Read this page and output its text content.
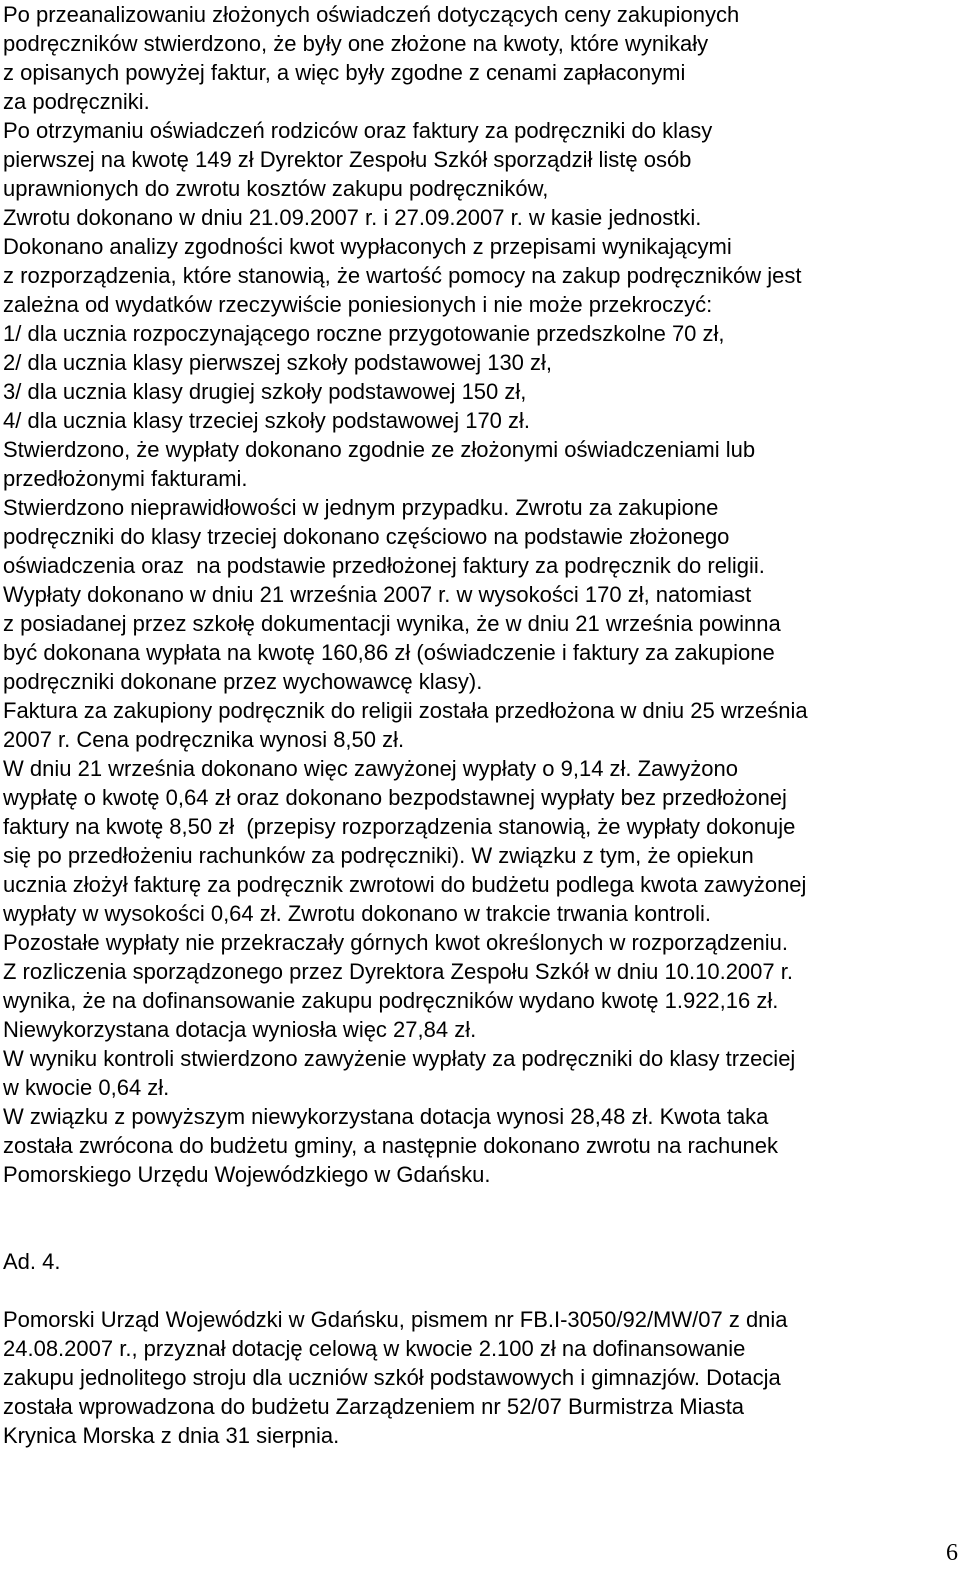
Po przeanalizowaniu złożonych oświadczeń dotyczących ceny zakupionych
podręczników stwierdzono, że były one złożone na kwoty, które wynikały
z opisanych powyżej faktur, a więc były zgodne z cenami zapłaconymi
za podręczniki.
Po otrzymaniu oświadczeń rodziców oraz faktury za podręczniki do klasy
pierwszej na kwotę 149 zł Dyrektor Zespołu Szkół sporządził listę osób
uprawnionych do zwrotu kosztów zakupu podręczników,
Zwrotu dokonano w dniu 21.09.2007 r. i 27.09.2007 r. w kasie jednostki.
Dokonano analizy zgodności kwot wypłaconych z przepisami wynikającymi
z rozporządzenia, które stanowią, że wartość pomocy na zakup podręczników jest
zależna od wydatków rzeczywiście poniesionych i nie może przekroczyć:
1/ dla ucznia rozpoczynającego roczne przygotowanie przedszkolne 70 zł,
2/ dla ucznia klasy pierwszej szkoły podstawowej 130 zł,
3/ dla ucznia klasy drugiej szkoły podstawowej 150 zł,
4/ dla ucznia klasy trzeciej szkoły podstawowej 170 zł.
Stwierdzono, że wypłaty dokonano zgodnie ze złożonymi oświadczeniami lub
przedłożonymi fakturami.
Stwierdzono nieprawidłowości w jednym przypadku. Zwrotu za zakupione
podręczniki do klasy trzeciej dokonano częściowo na podstawie złożonego
oświadczenia oraz  na podstawie przedłożonej faktury za podręcznik do religii.
Wypłaty dokonano w dniu 21 września 2007 r. w wysokości 170 zł, natomiast
z posiadanej przez szkołę dokumentacji wynika, że w dniu 21 września powinna
być dokonana wypłata na kwotę 160,86 zł (oświadczenie i faktury za zakupione
podręczniki dokonane przez wychowawcę klasy).
Faktura za zakupiony podręcznik do religii została przedłożona w dniu 25 września
2007 r. Cena podręcznika wynosi 8,50 zł.
W dniu 21 września dokonano więc zawyżonej wypłaty o 9,14 zł. Zawyżono
wypłatę o kwotę 0,64 zł oraz dokonano bezpodstawnej wypłaty bez przedłożonej
faktury na kwotę 8,50 zł  (przepisy rozporządzenia stanowią, że wypłaty dokonuje
się po przedłożeniu rachunków za podręczniki). W związku z tym, że opiekun
ucznia złożył fakturę za podręcznik zwrotowi do budżetu podlega kwota zawyżonej
wypłaty w wysokości 0,64 zł. Zwrotu dokonano w trakcie trwania kontroli.
Pozostałe wypłaty nie przekraczały górnych kwot określonych w rozporządzeniu.
Z rozliczenia sporządzonego przez Dyrektora Zespołu Szkół w dniu 10.10.2007 r.
wynika, że na dofinansowanie zakupu podręczników wydano kwotę 1.922,16 zł.
Niewykorzystana dotacja wyniosła więc 27,84 zł.
W wyniku kontroli stwierdzono zawyżenie wypłaty za podręczniki do klasy trzeciej
w kwocie 0,64 zł.
W związku z powyższym niewykorzystana dotacja wynosi 28,48 zł. Kwota taka
została zwrócona do budżetu gminy, a następnie dokonano zwrotu na rachunek
Pomorskiego Urzędu Wojewódzkiego w Gdańsku.
Ad. 4.
Pomorski Urząd Wojewódzki w Gdańsku, pismem nr FB.I-3050/92/MW/07 z dnia
24.08.2007 r., przyznał dotację celową w kwocie 2.100 zł na dofinansowanie
zakupu jednolitego stroju dla uczniów szkół podstawowych i gimnazjów. Dotacja
została wprowadzona do budżetu Zarządzeniem nr 52/07 Burmistrza Miasta
Krynica Morska z dnia 31 sierpnia.
6
